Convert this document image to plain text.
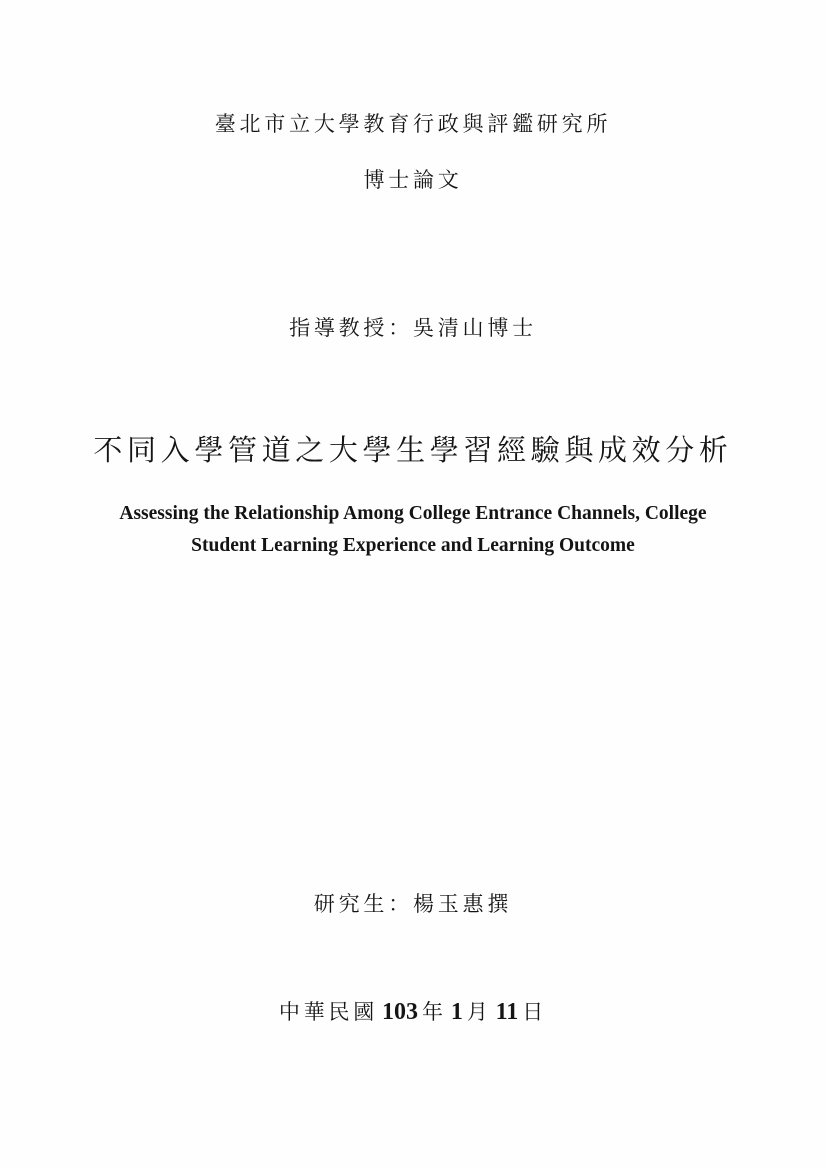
臺北市立大學教育行政與評鑑研究所
博士論文
指導教授：吳清山博士
不同入學管道之大學生學習經驗與成效分析
Assessing the Relationship Among College Entrance Channels, College
Student Learning Experience and Learning Outcome
研究生：楊玉惠撰
中華民國 103 年 1 月 11 日
